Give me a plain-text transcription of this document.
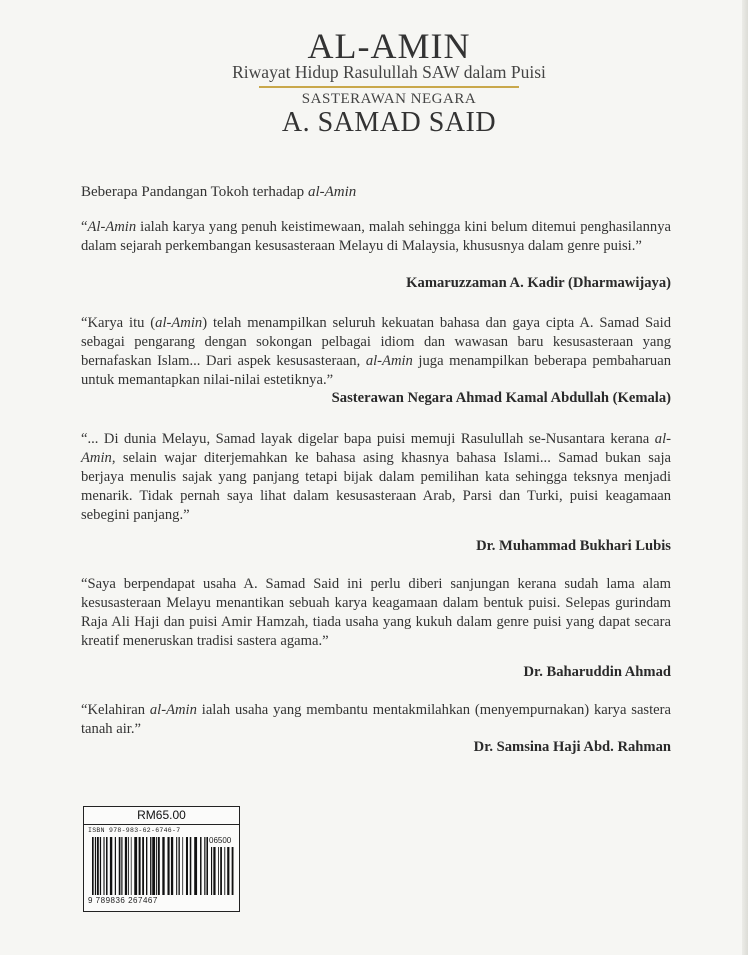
AL-AMIN
Riwayat Hidup Rasulullah SAW dalam Puisi
SASTERAWAN NEGARA
A. SAMAD SAID
Beberapa Pandangan Tokoh terhadap al-Amin
“Al-Amin ialah karya yang penuh keistimewaan, malah sehingga kini belum ditemui penghasilannya dalam sejarah perkembangan kesusasteraan Melayu di Malaysia, khususnya dalam genre puisi.”
Kamaruzzaman A. Kadir (Dharmawijaya)
“Karya itu (al-Amin) telah menampilkan seluruh kekuatan bahasa dan gaya cipta A. Samad Said sebagai pengarang dengan sokongan pelbagai idiom dan wawasan baru kesusasteraan yang bernafaskan Islam... Dari aspek kesusasteraan, al-Amin juga menampilkan beberapa pembaharuan untuk memantapkan nilai-nilai estetiknya.”
Sasterawan Negara Ahmad Kamal Abdullah (Kemala)
“... Di dunia Melayu, Samad layak digelar bapa puisi memuji Rasulullah se-Nusantara kerana al-Amin, selain wajar diterjemahkan ke bahasa asing khasnya bahasa Islami... Samad bukan saja berjaya menulis sajak yang panjang tetapi bijak dalam pemilihan kata sehingga teksnya menjadi menarik. Tidak pernah saya lihat dalam kesusasteraan Arab, Parsi dan Turki, puisi keagamaan sebegini panjang.”
Dr. Muhammad Bukhari Lubis
“Saya berpendapat usaha A. Samad Said ini perlu diberi sanjungan kerana sudah lama alam kesusasteraan Melayu menantikan sebuah karya keagamaan dalam bentuk puisi. Selepas gurindam Raja Ali Haji dan puisi Amir Hamzah, tiada usaha yang kukuh dalam genre puisi yang dapat secara kreatif meneruskan tradisi sastera agama.”
Dr. Baharuddin Ahmad
“Kelahiran al-Amin ialah usaha yang membantu mentakmilahkan (menyempurnakan) karya sastera tanah air.”
Dr. Samsina Haji Abd. Rahman
RM65.00
ISBN 978-983-62-6746-7
06500
9 789836 267467
